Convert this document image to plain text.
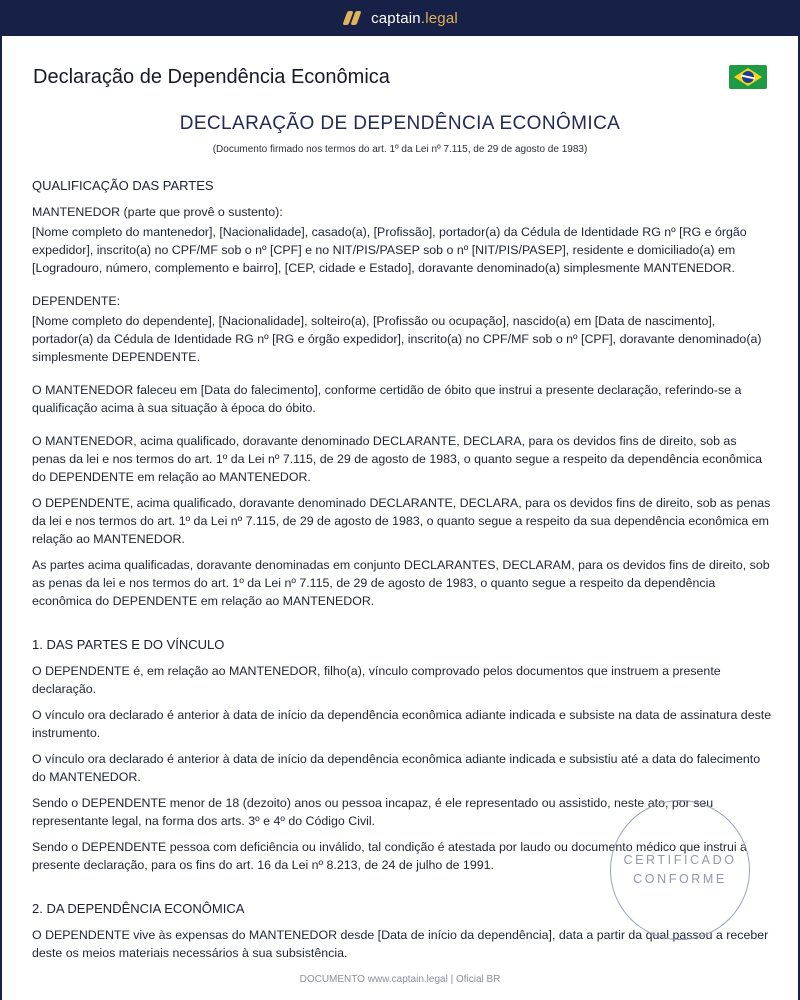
captain.legal
Declaração de Dependência Econômica
DECLARAÇÃO DE DEPENDÊNCIA ECONÔMICA
(Documento firmado nos termos do art. 1º da Lei nº 7.115, de 29 de agosto de 1983)
QUALIFICAÇÃO DAS PARTES
MANTENEDOR (parte que provê o sustento):
[Nome completo do mantenedor], [Nacionalidade], casado(a), [Profissão], portador(a) da Cédula de Identidade RG nº [RG e órgão expedidor], inscrito(a) no CPF/MF sob o nº [CPF] e no NIT/PIS/PASEP sob o nº [NIT/PIS/PASEP], residente e domiciliado(a) em [Logradouro, número, complemento e bairro], [CEP, cidade e Estado], doravante denominado(a) simplesmente MANTENEDOR.
DEPENDENTE:
[Nome completo do dependente], [Nacionalidade], solteiro(a), [Profissão ou ocupação], nascido(a) em [Data de nascimento], portador(a) da Cédula de Identidade RG nº [RG e órgão expedidor], inscrito(a) no CPF/MF sob o nº [CPF], doravante denominado(a) simplesmente DEPENDENTE.
O MANTENEDOR faleceu em [Data do falecimento], conforme certidão de óbito que instrui a presente declaração, referindo-se a qualificação acima à sua situação à época do óbito.
O MANTENEDOR, acima qualificado, doravante denominado DECLARANTE, DECLARA, para os devidos fins de direito, sob as penas da lei e nos termos do art. 1º da Lei nº 7.115, de 29 de agosto de 1983, o quanto segue a respeito da dependência econômica do DEPENDENTE em relação ao MANTENEDOR.
O DEPENDENTE, acima qualificado, doravante denominado DECLARANTE, DECLARA, para os devidos fins de direito, sob as penas da lei e nos termos do art. 1º da Lei nº 7.115, de 29 de agosto de 1983, o quanto segue a respeito da sua dependência econômica em relação ao MANTENEDOR.
As partes acima qualificadas, doravante denominadas em conjunto DECLARANTES, DECLARAM, para os devidos fins de direito, sob as penas da lei e nos termos do art. 1º da Lei nº 7.115, de 29 de agosto de 1983, o quanto segue a respeito da dependência econômica do DEPENDENTE em relação ao MANTENEDOR.
1. DAS PARTES E DO VÍNCULO
O DEPENDENTE é, em relação ao MANTENEDOR, filho(a), vínculo comprovado pelos documentos que instruem a presente declaração.
O vínculo ora declarado é anterior à data de início da dependência econômica adiante indicada e subsiste na data de assinatura deste instrumento.
O vínculo ora declarado é anterior à data de início da dependência econômica adiante indicada e subsistiu até a data do falecimento do MANTENEDOR.
Sendo o DEPENDENTE menor de 18 (dezoito) anos ou pessoa incapaz, é ele representado ou assistido, neste ato, por seu representante legal, na forma dos arts. 3º e 4º do Código Civil.
Sendo o DEPENDENTE pessoa com deficiência ou inválido, tal condição é atestada por laudo ou documento médico que instrui a presente declaração, para os fins do art. 16 da Lei nº 8.213, de 24 de julho de 1991.
2. DA DEPENDÊNCIA ECONÔMICA
O DEPENDENTE vive às expensas do MANTENEDOR desde [Data de início da dependência], data a partir da qual passou a receber deste os meios materiais necessários à sua subsistência.
CERTIFICADO
CONFORME
DOCUMENTO www.captain.legal | Oficial BR
